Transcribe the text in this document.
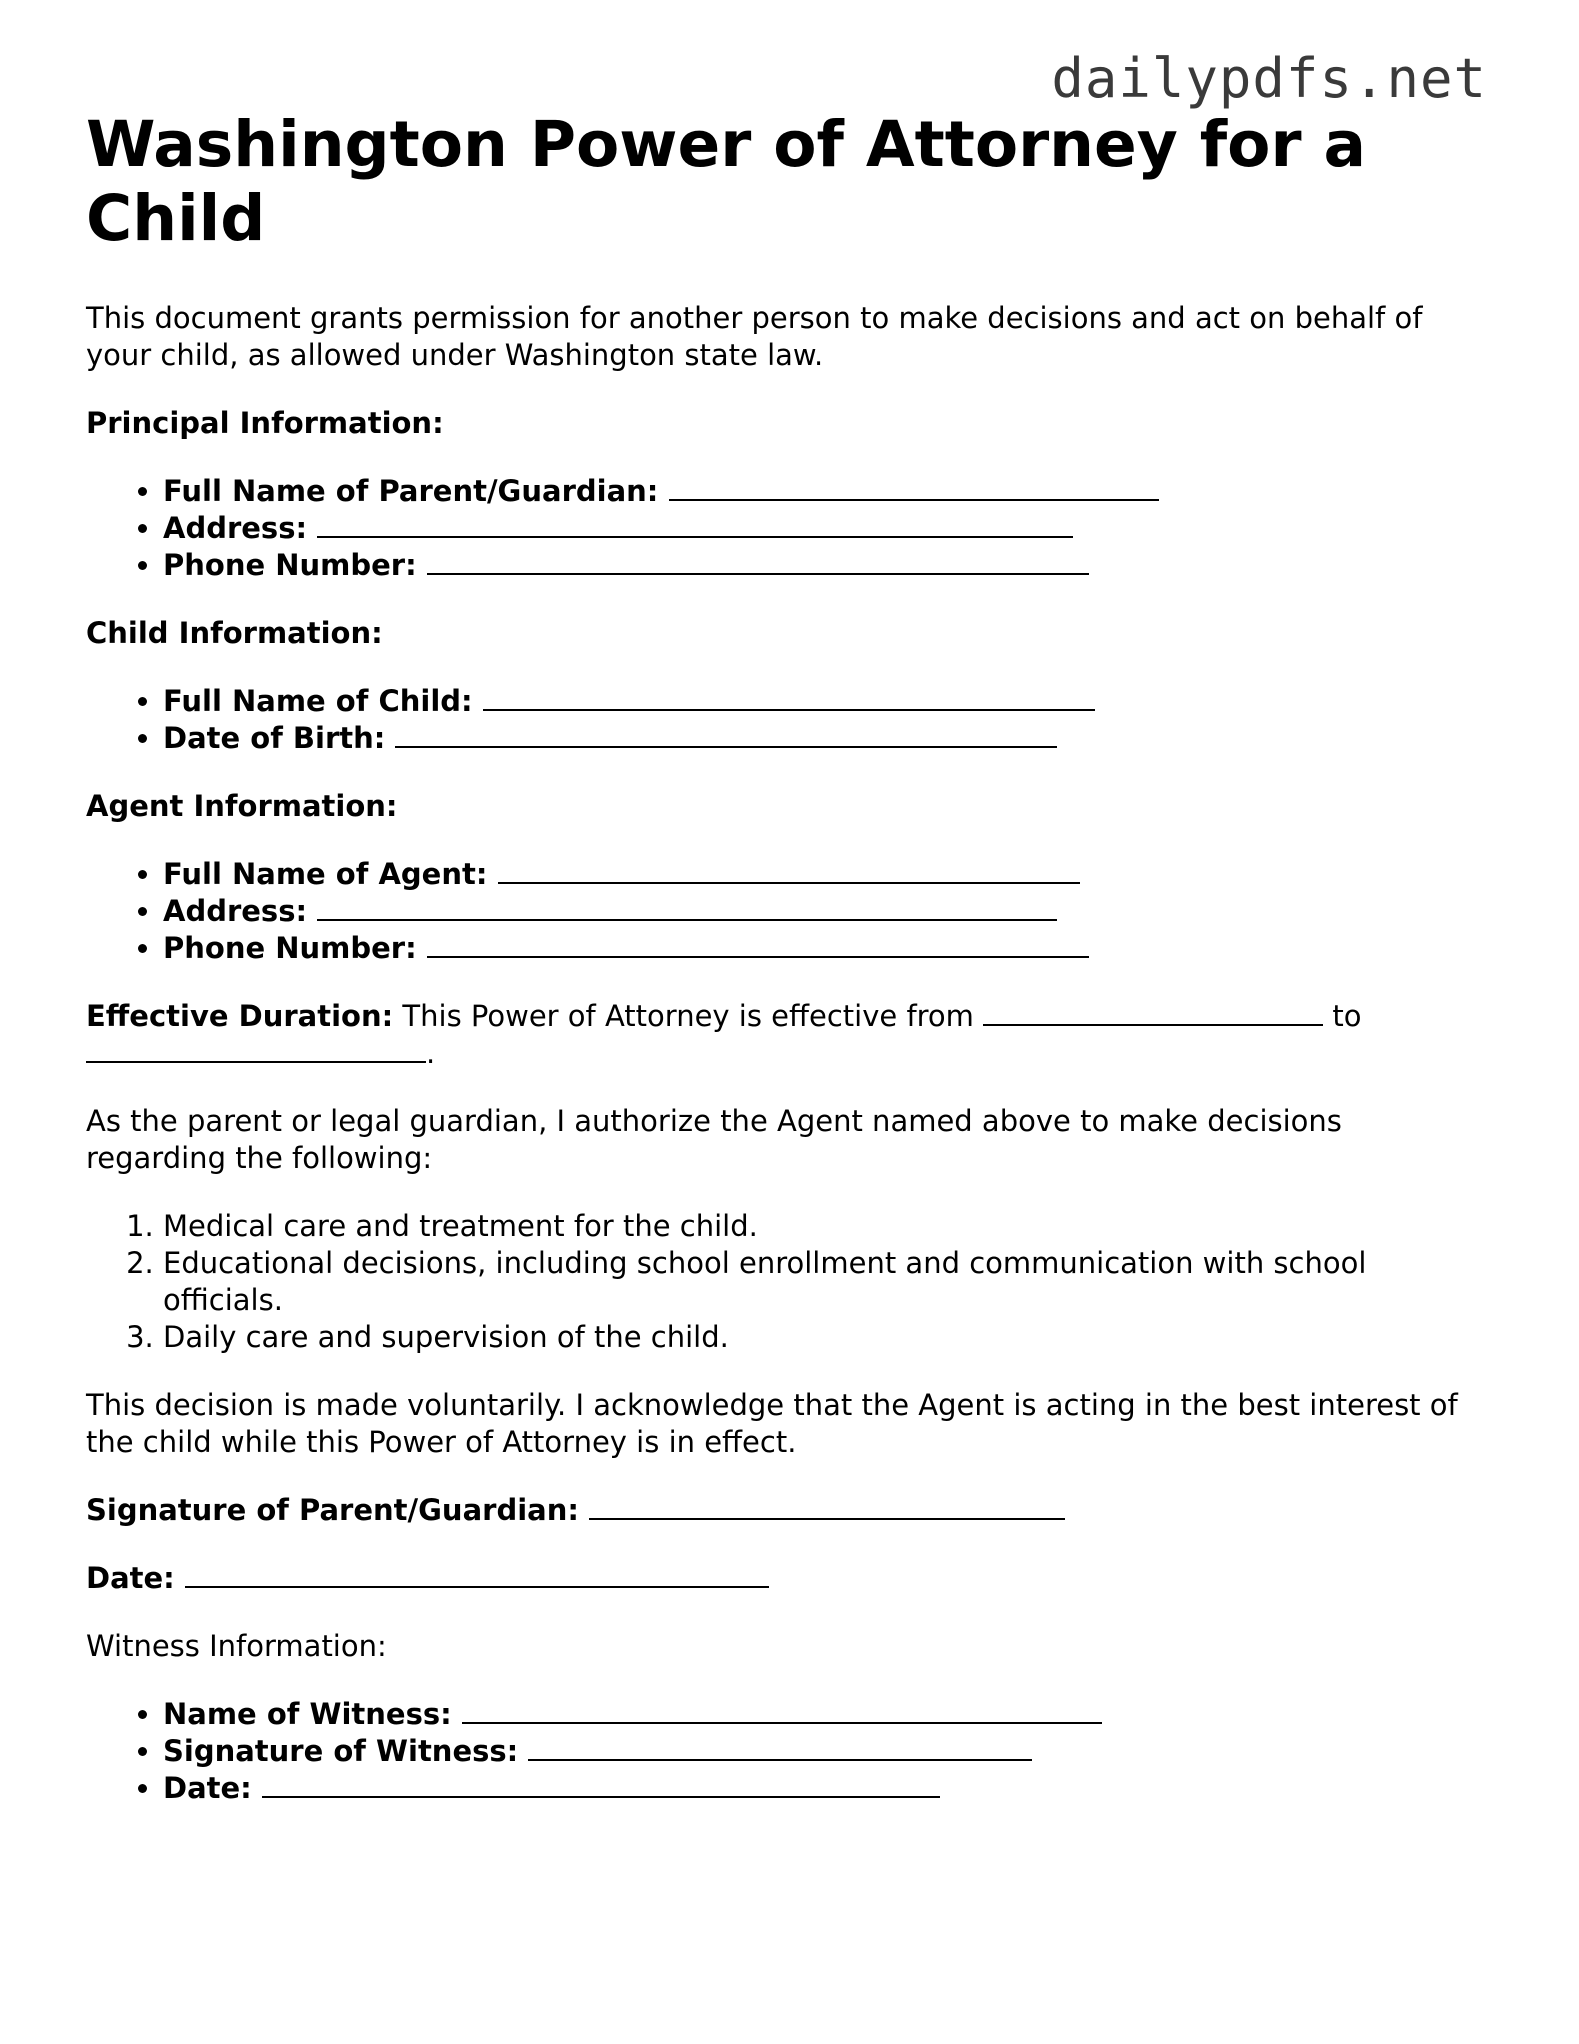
dailypdfs.net
Washington Power of Attorney for a Child

This document grants permission for another person to make decisions and act on behalf of your child, as allowed under Washington state law.

Principal Information:

• Full Name of Parent/Guardian:
• Address:
• Phone Number:

Child Information:

• Full Name of Child:
• Date of Birth:

Agent Information:

• Full Name of Agent:
• Address:
• Phone Number:

Effective Duration: This Power of Attorney is effective from	to
.

As the parent or legal guardian, I authorize the Agent named above to make decisions regarding the following:

1. Medical care and treatment for the child.
2. Educational decisions, including school enrollment and communication with school officials.
3. Daily care and supervision of the child.

This decision is made voluntarily. I acknowledge that the Agent is acting in the best interest of the child while this Power of Attorney is in effect.

Signature of Parent/Guardian:

Date:

Witness Information:

• Name of Witness:
• Signature of Witness:
• Date:
